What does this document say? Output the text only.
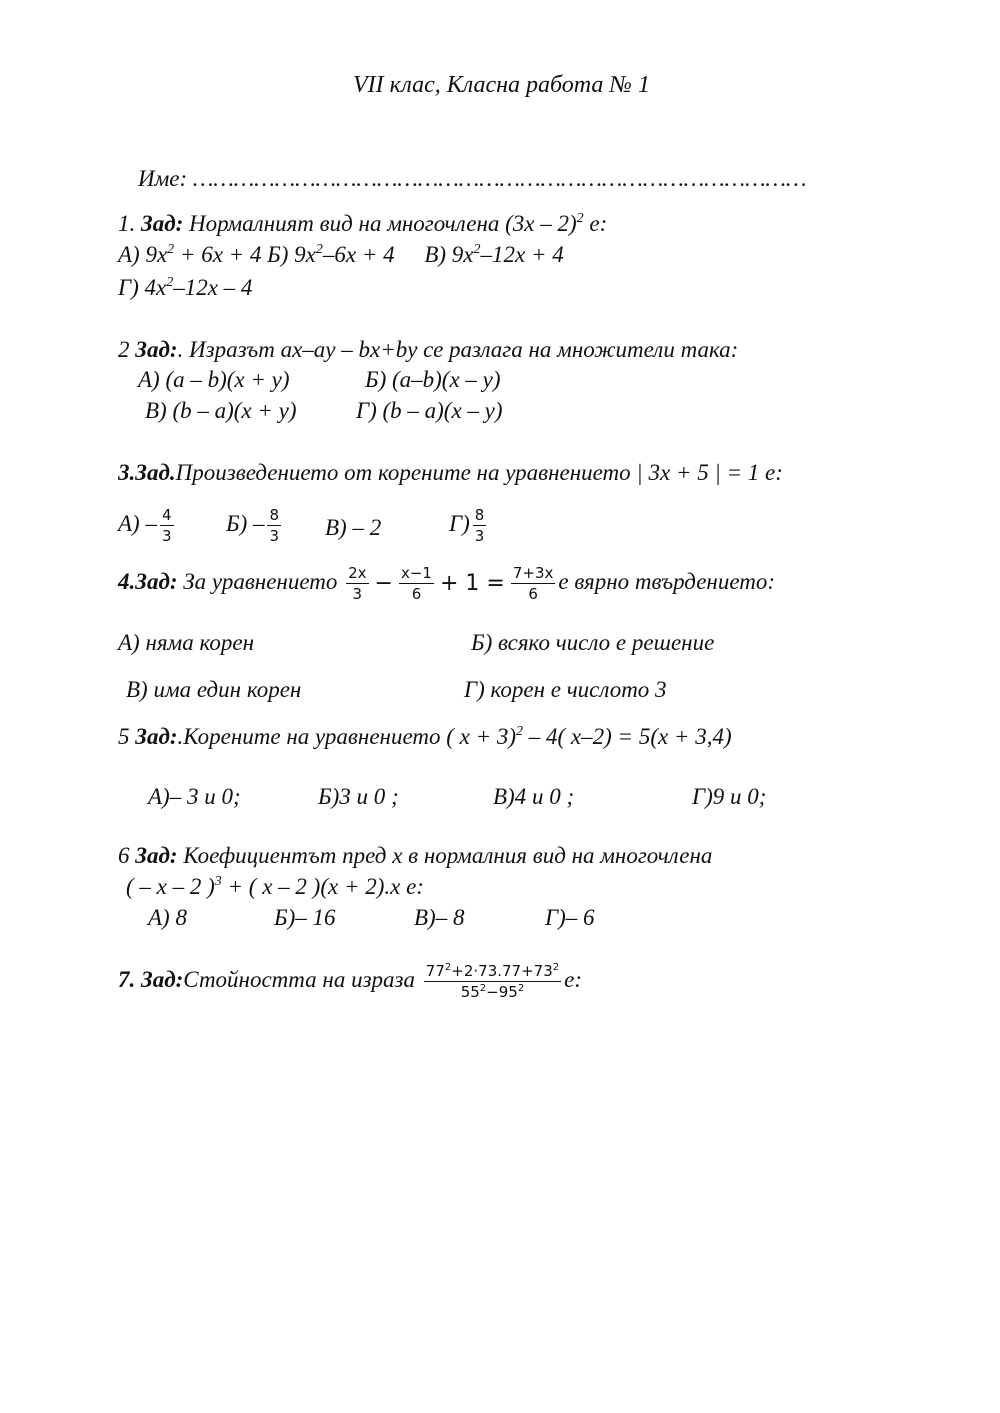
VII клас, Класна работа № 1
Име: ………………………………………………………………………………
1. Зад: Нормалният вид на многочлена (3x – 2)$^2$ e:
А) $9x^2 + 6x + 4$ Б) $9x^2-6x + 4$ В) $9x^2-12x + 4$
Г) $4x^2-12x - 4$
2 Зад:. Изразът ax–ay – bx+by се разлага на множители така:
А) (a – b)(x + y)	Б) (a–b)(x – y)
В) (b – a)(x + y)	Г) (b – a)(x – y)
3.Зад.Произведението от корените на уравнението | 3x + 5 | = 1 е:
$А) - \frac{4}{3} Б) - \frac{8}{3} В) - 2$	$Г) \frac{8}{3}$
4.Зад: За уравнението $\frac{2x}{3} - \frac{x-1}{6} + 1 = \frac{7+3x}{6}$ е вярно твърдението:
А) няма корен	Б) всяко число е решение
В) има един корен	Г) корен е числото 3
5 Зад:.Корените на уравнението ( x + 3)$^2$ – 4( x–2) = 5(x + 3,4)
А)– 3 и 0;	Б)3 и 0 ;	В)4 и 0 ;	Г)9 и 0;
6 Зад: Коефициентът пред x в нормалния вид на многочлена
( – x – 2 )$^3$ + ( x – 2 )(x + 2).x е:
А) 8	Б)– 16	В)– 8	Г)– 6
7. Зад:Стойността на израза $\frac{77^2+2\cdot 73.77+73^2}{55^2-95^2} е$:
